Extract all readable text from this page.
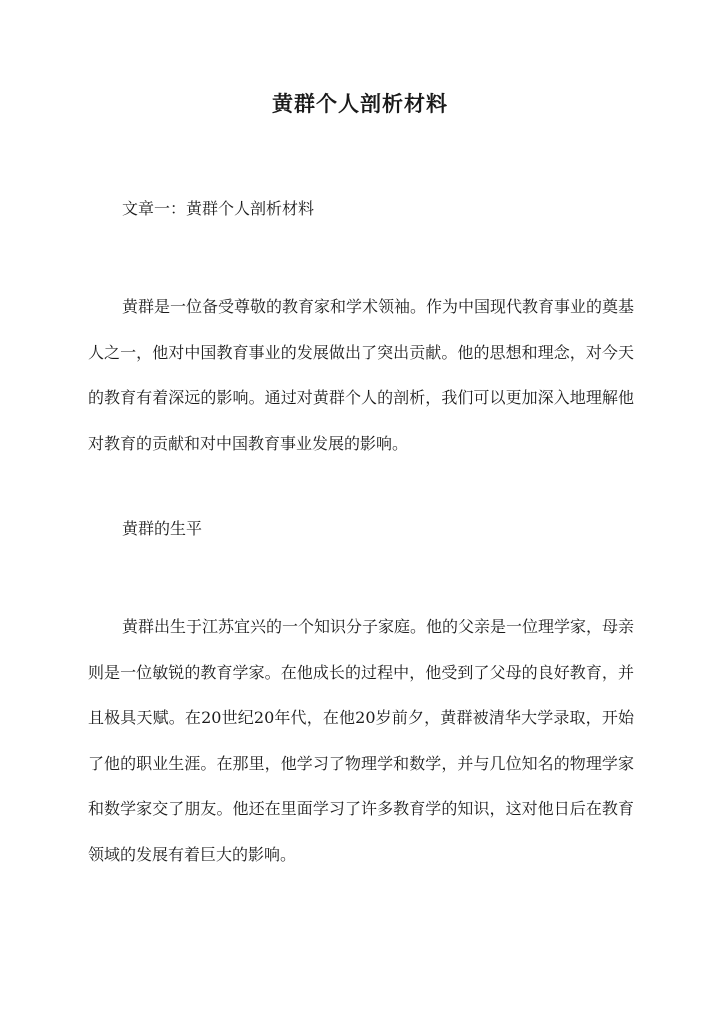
黄群个人剖析材料
文章一：黄群个人剖析材料
黄群是一位备受尊敬的教育家和学术领袖。作为中国现代教育事业的奠基人之一，他对中国教育事业的发展做出了突出贡献。他的思想和理念，对今天的教育有着深远的影响。通过对黄群个人的剖析，我们可以更加深入地理解他对教育的贡献和对中国教育事业发展的影响。
黄群的生平
黄群出生于江苏宜兴的一个知识分子家庭。他的父亲是一位理学家，母亲则是一位敏锐的教育学家。在他成长的过程中，他受到了父母的良好教育，并且极具天赋。在20世纪20年代，在他20岁前夕，黄群被清华大学录取，开始了他的职业生涯。在那里，他学习了物理学和数学，并与几位知名的物理学家和数学家交了朋友。他还在里面学习了许多教育学的知识，这对他日后在教育领域的发展有着巨大的影响。
